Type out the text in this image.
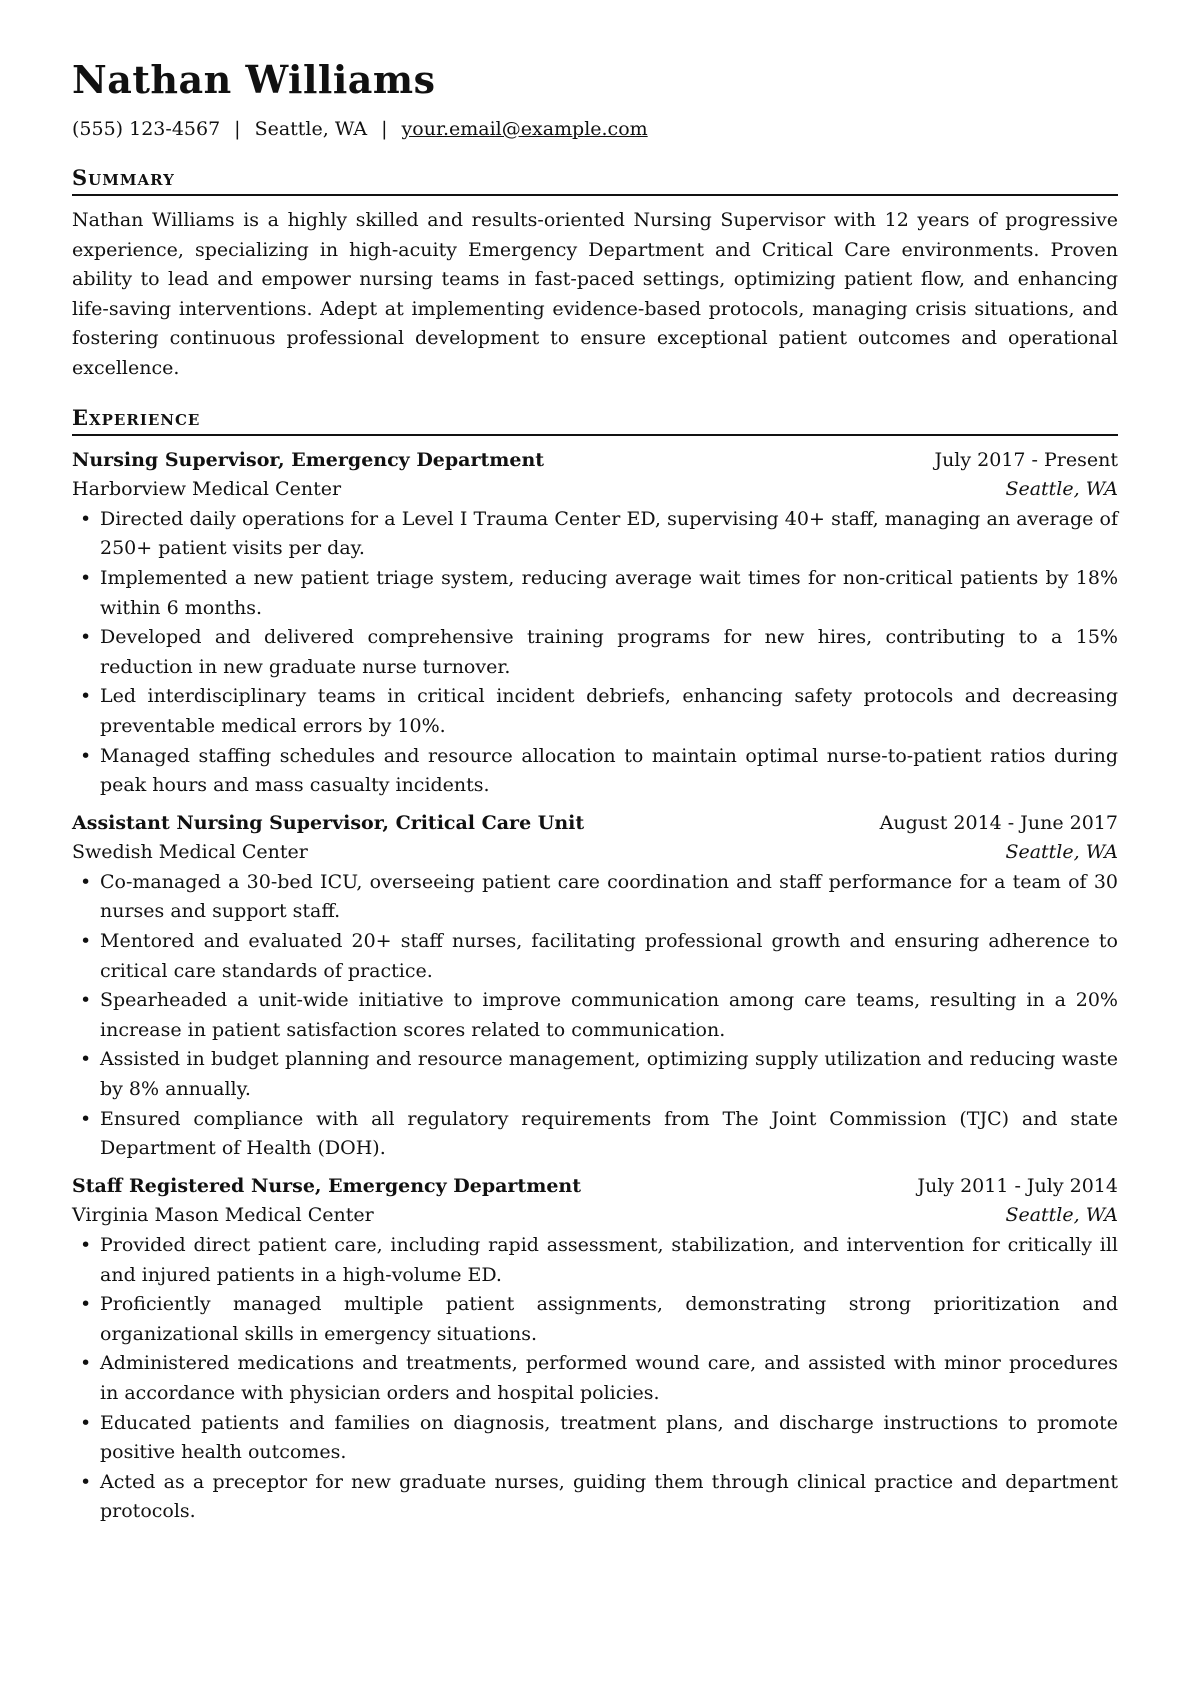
Nathan Williams
(555) 123-4567 | Seattle, WA | your.email@example.com
Summary

Nathan Williams is a highly skilled and results-oriented Nursing Supervisor with 12 years of progressive experience, specializing in high-acuity Emergency Department and Critical Care environments. Proven ability to lead and empower nursing teams in fast-paced settings, optimizing patient flow, and enhancing life-saving interventions. Adept at implementing evidence-based protocols, managing crisis situations, and fostering continuous professional development to ensure exceptional patient outcomes and operational excellence.

Experience
Nursing Supervisor, Emergency Department	July 2017 - Present
Harborview Medical Center	Seattle, WA
• Directed daily operations for a Level I Trauma Center ED, supervising 40+ staff, managing an average of 250+ patient visits per day.
• Implemented a new patient triage system, reducing average wait times for non-critical patients by 18% within 6 months.
• Developed and delivered comprehensive training programs for new hires, contributing to a 15% reduction in new graduate nurse turnover.
• Led interdisciplinary teams in critical incident debriefs, enhancing safety protocols and decreasing preventable medical errors by 10%.
• Managed staffing schedules and resource allocation to maintain optimal nurse-to-patient ratios during peak hours and mass casualty incidents.
Assistant Nursing Supervisor, Critical Care Unit	August 2014 - June 2017
Swedish Medical Center	Seattle, WA
• Co-managed a 30-bed ICU, overseeing patient care coordination and staff performance for a team of 30 nurses and support staff.
• Mentored and evaluated 20+ staff nurses, facilitating professional growth and ensuring adherence to critical care standards of practice.
• Spearheaded a unit-wide initiative to improve communication among care teams, resulting in a 20% increase in patient satisfaction scores related to communication.
• Assisted in budget planning and resource management, optimizing supply utilization and reducing waste by 8% annually.
• Ensured compliance with all regulatory requirements from The Joint Commission (TJC) and state Department of Health (DOH).
Staff Registered Nurse, Emergency Department	July 2011 - July 2014
Virginia Mason Medical Center	Seattle, WA
• Provided direct patient care, including rapid assessment, stabilization, and intervention for critically ill and injured patients in a high-volume ED.
• Proficiently managed multiple patient assignments, demonstrating strong prioritization and organizational skills in emergency situations.
• Administered medications and treatments, performed wound care, and assisted with minor procedures in accordance with physician orders and hospital policies.
• Educated patients and families on diagnosis, treatment plans, and discharge instructions to promote positive health outcomes.
• Acted as a preceptor for new graduate nurses, guiding them through clinical practice and department protocols.
